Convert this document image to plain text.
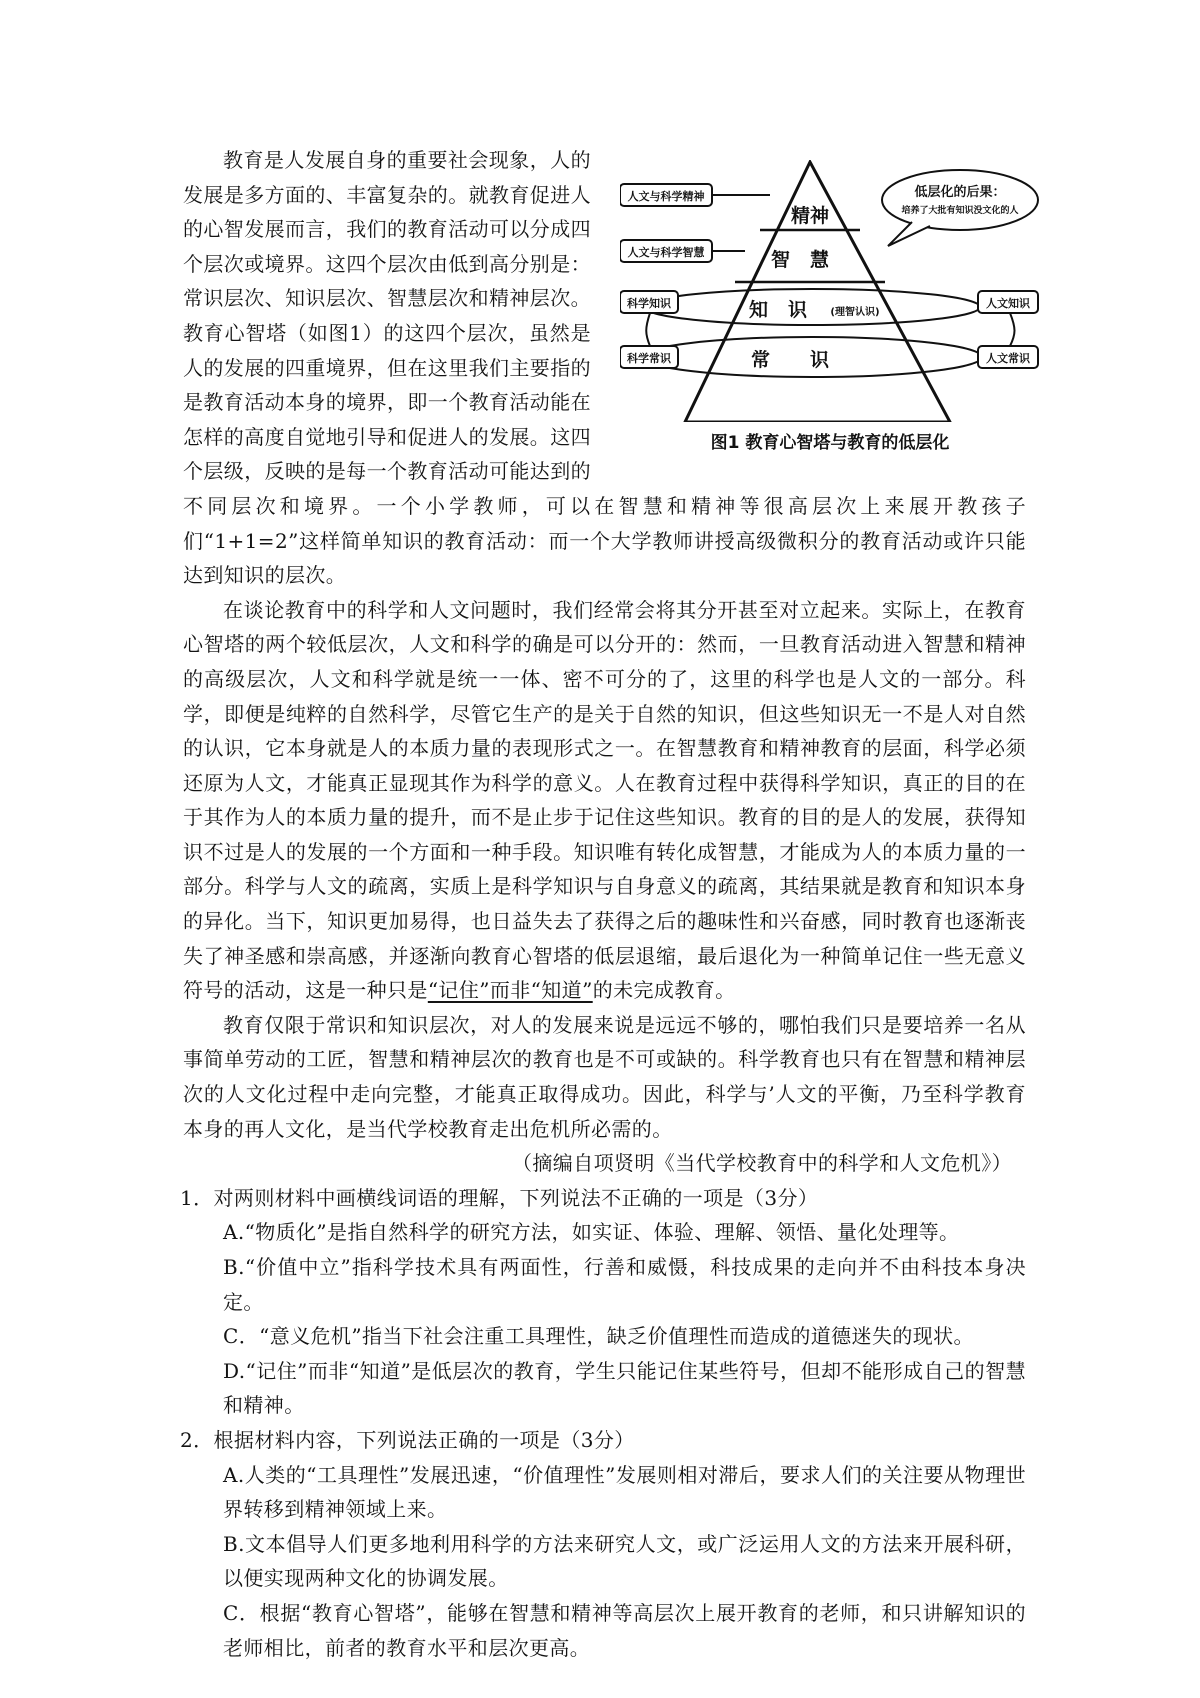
精神
智慧
知识 (理智认识)
常识
人文与科学精神
人文与科学智慧
科学知识
科学常识
人文知识
人文常识
低层化的后果：
培养了大批有知识没文化的人
图1 教育心智塔与教育的低层化

教育是人发展自身的重要社会现象，人的发展是多方面的、丰富复杂的。就教育促进人的心智发展而言，我们的教育活动可以分成四个层次或境界。这四个层次由低到高分别是：常识层次、知识层次、智慧层次和精神层次。教育心智塔（如图1）的这四个层次，虽然是人的发展的四重境界，但在这里我们主要指的是教育活动本身的境界，即一个教育活动能在怎样的高度自觉地引导和促进人的发展。这四个层级，反映的是每一个教育活动可能达到的不同层次和境界。一个小学教师，可以在智慧和精神等很高层次上来展开教孩子们“1+1=2”这样简单知识的教育活动：而一个大学教师讲授高级微积分的教育活动或许只能达到知识的层次。

在谈论教育中的科学和人文问题时，我们经常会将其分开甚至对立起来。实际上，在教育心智塔的两个较低层次，人文和科学的确是可以分开的：然而，一旦教育活动进入智慧和精神的高级层次，人文和科学就是统一一体、密不可分的了，这里的科学也是人文的一部分。科学，即便是纯粹的自然科学，尽管它生产的是关于自然的知识，但这些知识无一不是人对自然的认识，它本身就是人的本质力量的表现形式之一。在智慧教育和精神教育的层面，科学必须还原为人文，才能真正显现其作为科学的意义。人在教育过程中获得科学知识，真正的目的在于其作为人的本质力量的提升，而不是止步于记住这些知识。教育的目的是人的发展，获得知识不过是人的发展的一个方面和一种手段。知识唯有转化成智慧，才能成为人的本质力量的一部分。科学与人文的疏离，实质上是科学知识与自身意义的疏离，其结果就是教育和知识本身的异化。当下，知识更加易得，也日益失去了获得之后的趣味性和兴奋感，同时教育也逐渐丧失了神圣感和崇高感，并逐渐向教育心智塔的低层退缩，最后退化为一种简单记住一些无意义符号的活动，这是一种只是“记住”而非“知道”的未完成教育。

教育仅限于常识和知识层次，对人的发展来说是远远不够的，哪怕我们只是要培养一名从事简单劳动的工匠，智慧和精神层次的教育也是不可或缺的。科学教育也只有在智慧和精神层次的人文化过程中走向完整，才能真正取得成功。因此，科学与’人文的平衡，乃至科学教育本身的再人文化，是当代学校教育走出危机所必需的。

（摘编自项贤明《当代学校教育中的科学和人文危机》）

1．对两则材料中画横线词语的理解，下列说法不正确的一项是（3分）

A.“物质化”是指自然科学的研究方法，如实证、体验、理解、领悟、量化处理等。

B.“价值中立”指科学技术具有两面性，行善和威慑，科技成果的走向并不由科技本身决定。

C．“意义危机”指当下社会注重工具理性，缺乏价值理性而造成的道德迷失的现状。

D.“记住”而非“知道”是低层次的教育，学生只能记住某些符号，但却不能形成自己的智慧和精神。

2．根据材料内容，下列说法正确的一项是（3分）

A.人类的“工具理性”发展迅速，“价值理性”发展则相对滞后，要求人们的关注要从物理世界转移到精神领域上来。

B.文本倡导人们更多地利用科学的方法来研究人文，或广泛运用人文的方法来开展科研，以便实现两种文化的协调发展。

C．根据“教育心智塔”，能够在智慧和精神等高层次上展开教育的老师，和只讲解知识的老师相比，前者的教育水平和层次更高。
